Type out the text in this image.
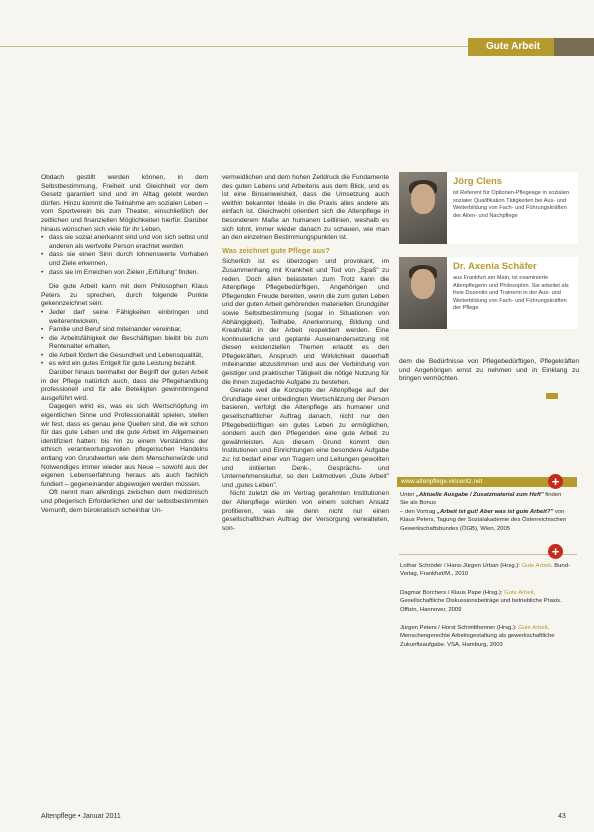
Gute Arbeit

Obdach gestillt werden können, in dem Selbstbestimmung, Freiheit und Gleichheit vor dem Gesetz garantiert sind und im Alltag gelebt werden dürfen. Hinzu kommt die Teilnahme am sozialen Leben – vom Sportverein bis zum Theater, einschließlich der zeitlichen und finanziellen Möglichkeiten hierfür. Darüber hinaus wünschen sich viele für ihr Leben,

• dass sie sozial anerkannt sind und von sich selbst und anderen als wertvolle Person erachtet werden
• dass sie einen Sinn durch lohnenswerte Vorhaben und Ziele erkennen,
• dass sie im Erreichen von Zielen „Erfüllung" finden.

Die gute Arbeit kann mit dem Philosophen Klaus Peters zu sprechen, durch folgende Punkte gekennzeichnet sein:

• Jeder darf seine Fähigkeiten einbringen und weiterentwickeln,
• Familie und Beruf sind miteinander vereinbar,
• die Arbeitsfähigkeit der Beschäftigten bleibt bis zum Rentenalter erhalten,
• die Arbeit fördert die Gesundheit und Lebensqualität,
• es wird ein gutes Entgelt für gute Leistung bezahlt.

Darüber hinaus beinhaltet der Begriff der guten Arbeit in der Pflege natürlich auch, dass die Pflegehandlung professionell und für alle Beteiligten gewinnbringend ausgeführt wird.

Dagegen wirkt es, was es sich Wertschöpfung im eigentlichen Sinne und Professionalität spielen, stellen wir fest, dass es genau jene Quellen sind, die wir schon für das gute Leben und die gute Arbeit im Allgemeinen identifiziert hatten: bis hin zu einem Verständnis der ethisch verantwortungsvollen pflegerischen Handelns entlang von Grundwerten wie dem Menschenwürde und Notwendiges immer wieder aus Neue – sowohl aus der eigenen Lebenserfahrung heraus als auch fachlich fundiert – gegeneinander abgewogen werden müssen.

Oft nennt man allerdings zwischen dem medizinisch und pflegerisch Erforderlichen und der selbstbestimmten Vernunft, dem bürokratisch scheinbar Un-

vermeidlichen und dem hohen Zeitdruck die Fundamente des guten Lebens und Arbeitens aus dem Blick, und es ist eine Binsenweisheit, dass die Umsetzung auch weithin bekannter Ideale in die Praxis alles andere als einfach ist. Gleichwohl orientiert sich die Altenpflege in besonderem Maße an humanen Leitlinien, weshalb es sich lohnt, immer wieder danach zu schauen, wie man an den einzelnen Bestimmungspunkten ist.

Was zeichnet gute Pflege aus?

Sicherlich ist es überzogen und provokant, im Zusammenhang mit Krankheit und Tod von „Spaß" zu reden. Doch allen belasteten zum Trotz kann die Altenpflege Pflegebedürftigen, Angehörigen und Pflegenden Freude bereiten, wenn die zum guten Leben und der guten Arbeit gehörenden materiellen Grundgüter sowie Selbstbestimmung (sogar in Situationen von Abhängigkeit), Teilhabe, Anerkennung, Bildung und Kreativität in der Arbeit respektiert werden. Eine kontinuierliche und geplante Auseinandersetzung mit diesen existenziellen Themen erlaubt es den Pflegekräften, Anspruch und Wirklichkeit dauerhaft miteinander abzustimmen und aus der Verbindung von geistiger und praktischer Tätigkeit die nötige Nutzung für die ihnen zugedachte Aufgabe zu bestehen.

Gerade weil die Konzepte der Altenpflege auf der Grundlage einer unbedingten Wertschätzung der Person basieren, verfolgt die Altenpflege als humaner und gesellschaftlicher Auftrag danach, nicht nur den Pflegebedürftigen ein gutes Leben zu ermöglichen, sondern auch den Pflegenden eine gute Arbeit zu gewährleisten. Aus diesem Grund kommt den Institutionen und Einrichtungen eine besondere Aufgabe zu: Ist bedarf einer von Tragern und Leitungen gewollten und initiierten Denk-, Gesprächs- und Unternehmenskultur, so den Leitmotiven „Gute Arbeit" und „gutes Leben".

Nicht zuletzt die im Vertrag gerahmten Institutionen der Altenpflege würden von einem solchen Ansatz profitieren, was sie denn nicht nur einen gesellschaftlichen Auftrag der Versorgung verwalteten, son-

Jörg Clens
ist Referent für Optionen-Pflegeage in sozialen sozialer Qualifikation Tätigkeiten bei Aus- und Weiterbildung von Fach- und Führungskräften der Alten- und Nachpflege
Dr. Axenia Schäfer
aus Frankfurt am Main, ist examinierte Altenpflegerin und Philosophin. Sie arbeitet als freie Dozentin und Trainerin in der Aus- und Weiterbildung von Fach- und Führungskräften der Pflege

dem die Bedürfnisse von Pflegebedürftigen, Pflegekräften und Angehörigen ernst zu nehmen und in Einklang zu bringen vermöchten.

www.altenpflege.vincentz.net	+
Unter „Aktuelle Ausgabe / Zusatzmaterial zum Heft" finden Sie als Bonus
– den Vortrag „Arbeit ist gut! Aber was ist gute Arbeit?" von Klaus Peters, Tagung der Sozialakademie des Österreichischen Gewerkschaftsbundes (ÖGB), Wien, 2005
+

Lothar Schröder / Hans-Jürgen Urban (Hrsg.): Gute Arbeit. Bund-Verlag, Frankfurt/M., 2010

Dagmar Borchers / Klaus Pape (Hrsg.): Gute Arbeit. Gesellschaftliche Diskussionsbeiträge und betriebliche Praxis. Offizin, Hannover, 2009

Jürgen Peters / Horst Schmitthenner (Hrsg.): Gute Arbeit. Menschengerechte Arbeitsgestaltung als gewerkschaftliche Zukunftsaufgabe. VSA, Hamburg, 2003

Altenpflege • Januar 2011	43
